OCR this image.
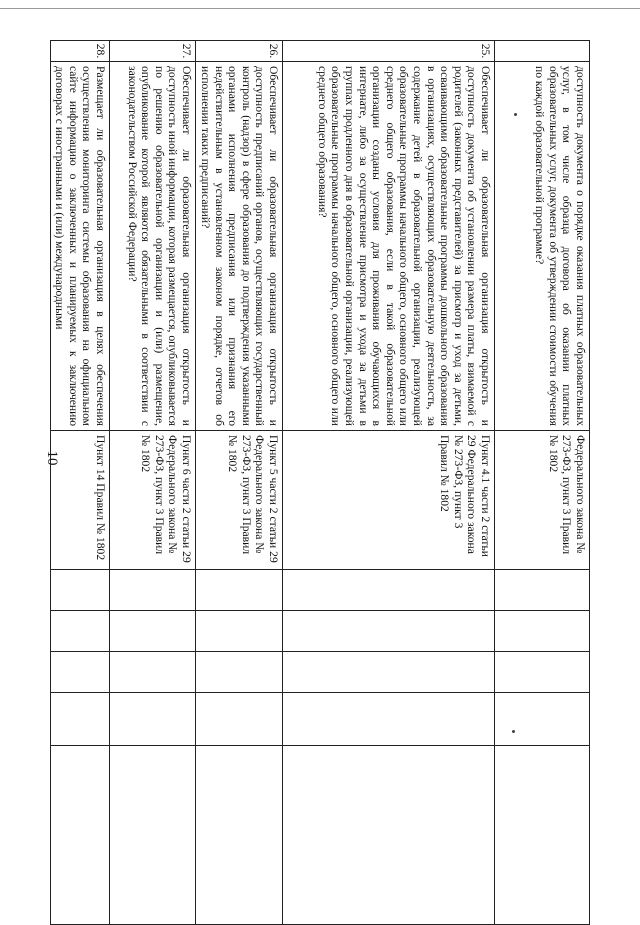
10
	доступность документа о порядке оказания платных образовательных услуг, в том числе образца договора об оказании платных образовательных услуг, документа об утверждении стоимости обучения по каждой образовательной программе?	Федерального закона № 273-ФЗ, пункт 3 Правил № 1802					
25.	Обеспечивает ли образовательная организация открытость и доступность документа об установлении размера платы, взимаемой с родителей (законных представителей) за присмотр и уход за детьми, осваивающими образовательные программы дошкольного образования в организациях, осуществляющих образовательную деятельность, за содержание детей в образовательной организации, реализующей образовательные программы начального общего, основного общего или среднего общего образования, если в такой образовательной организации созданы условия для проживания обучающихся в интернате, либо за осуществление присмотра и ухода за детьми в группах продленного дня в образовательной организации, реализующей образовательные программы начального общего, основного общего или среднего общего образования?	Пункт 4.1 части 2 статьи 29 Федерального закона № 273-ФЗ, пункт 3 Правил № 1802					
26.	Обеспечивает ли образовательная организация открытость и доступность предписаний органов, осуществляющих государственный контроль (надзор) в сфере образования до подтверждения указанными органами исполнения предписания или признания его недействительным в установленном законом порядке, отчетов об исполнении таких предписаний?	Пункт 5 части 2 статьи 29 Федерального закона № 273-ФЗ, пункт 3 Правил № 1802					
27.	Обеспечивает ли образовательная организация открытость и доступность иной информации, которая размещается, опубликовывается по решению образовательной организации и (или) размещение, опубликование которой являются обязательными в соответствии с законодательством Российской Федерации?	Пункт 6 части 2 статьи 29 Федерального закона № 273-ФЗ, пункт 3 Правил № 1802					
28.	Размещает ли образовательная организация в целях обеспечения осуществления мониторинга системы образования на официальном сайте информацию о заключенных и планируемых к заключению договорах с иностранными и (или) международными	Пункт 14 Правил № 1802					
